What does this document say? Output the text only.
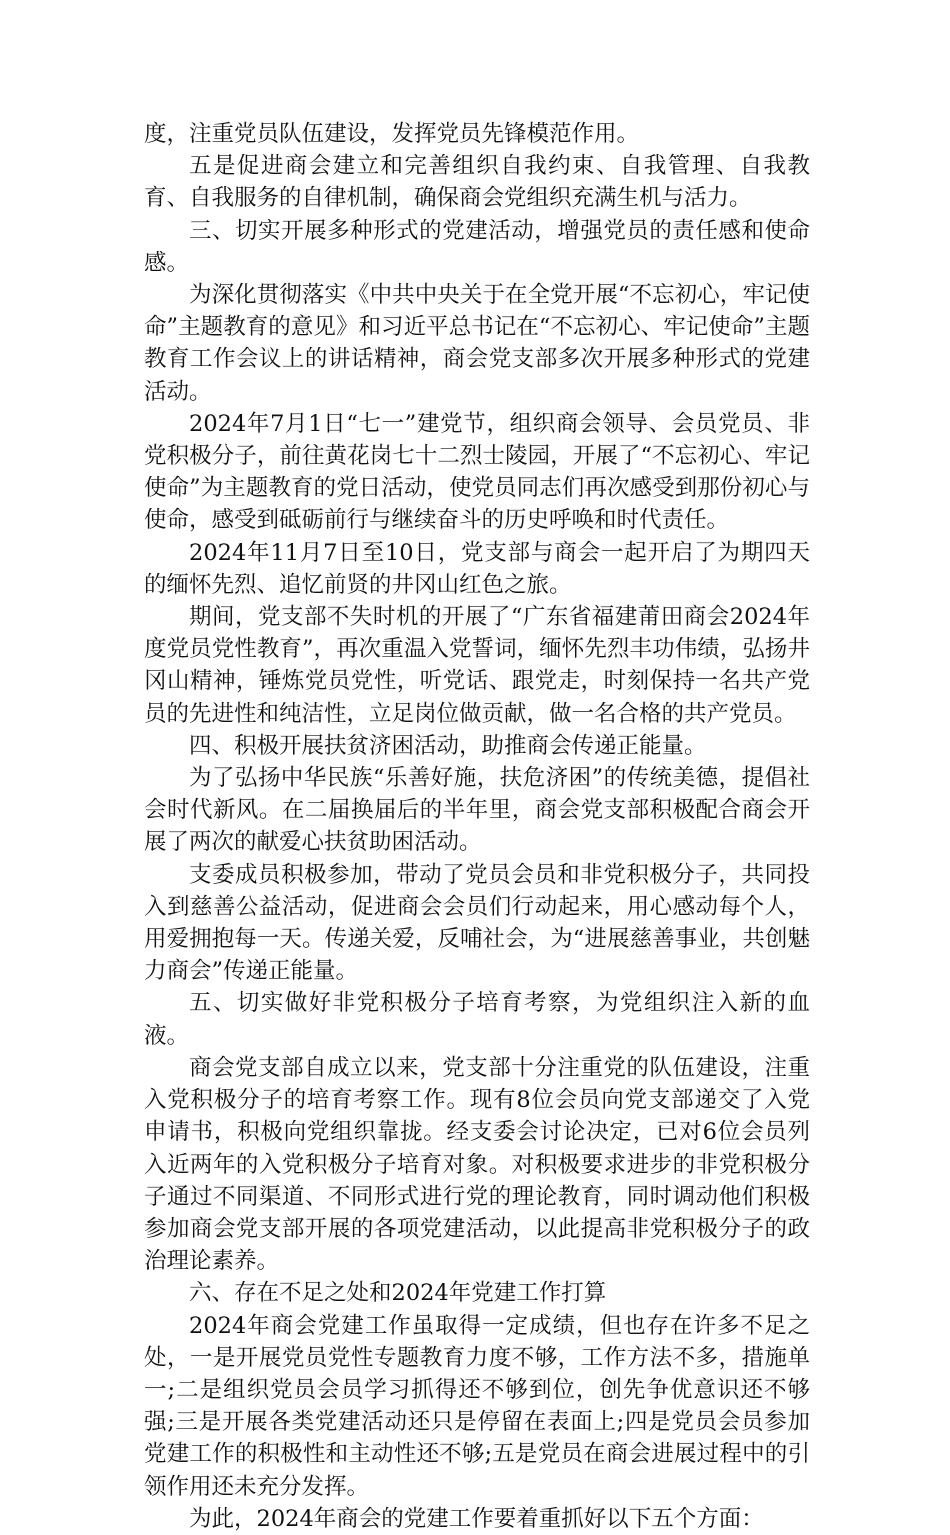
度，注重党员队伍建设，发挥党员先锋模范作用。

五是促进商会建立和完善组织自我约束、自我管理、自我教育、自我服务的自律机制，确保商会党组织充满生机与活力。

三、切实开展多种形式的党建活动，增强党员的责任感和使命感。

为深化贯彻落实《中共中央关于在全党开展“不忘初心，牢记使命”主题教育的意见》和习近平总书记在“不忘初心、牢记使命”主题教育工作会议上的讲话精神，商会党支部多次开展多种形式的党建活动。

2024年7月1日“七一”建党节，组织商会领导、会员党员、非党积极分子，前往黄花岗七十二烈士陵园，开展了“不忘初心、牢记使命”为主题教育的党日活动，使党员同志们再次感受到那份初心与使命，感受到砥砺前行与继续奋斗的历史呼唤和时代责任。

2024年11月7日至10日，党支部与商会一起开启了为期四天的缅怀先烈、追忆前贤的井冈山红色之旅。

期间，党支部不失时机的开展了“广东省福建莆田商会2024年度党员党性教育”，再次重温入党誓词，缅怀先烈丰功伟绩，弘扬井冈山精神，锤炼党员党性，听党话、跟党走，时刻保持一名共产党员的先进性和纯洁性，立足岗位做贡献，做一名合格的共产党员。

四、积极开展扶贫济困活动，助推商会传递正能量。

为了弘扬中华民族“乐善好施，扶危济困”的传统美德，提倡社会时代新风。在二届换届后的半年里，商会党支部积极配合商会开展了两次的献爱心扶贫助困活动。

支委成员积极参加，带动了党员会员和非党积极分子，共同投入到慈善公益活动，促进商会会员们行动起来，用心感动每个人，用爱拥抱每一天。传递关爱，反哺社会，为“进展慈善事业，共创魅力商会”传递正能量。

五、切实做好非党积极分子培育考察，为党组织注入新的血液。

商会党支部自成立以来，党支部十分注重党的队伍建设，注重入党积极分子的培育考察工作。现有8位会员向党支部递交了入党申请书，积极向党组织靠拢。经支委会讨论决定，已对6位会员列入近两年的入党积极分子培育对象。对积极要求进步的非党积极分子通过不同渠道、不同形式进行党的理论教育，同时调动他们积极参加商会党支部开展的各项党建活动，以此提高非党积极分子的政治理论素养。

六、存在不足之处和2024年党建工作打算

2024年商会党建工作虽取得一定成绩，但也存在许多不足之处，一是开展党员党性专题教育力度不够，工作方法不多，措施单一;二是组织党员会员学习抓得还不够到位，创先争优意识还不够强;三是开展各类党建活动还只是停留在表面上;四是党员会员参加党建工作的积极性和主动性还不够;五是党员在商会进展过程中的引领作用还未充分发挥。

为此，2024年商会的党建工作要着重抓好以下五个方面：
